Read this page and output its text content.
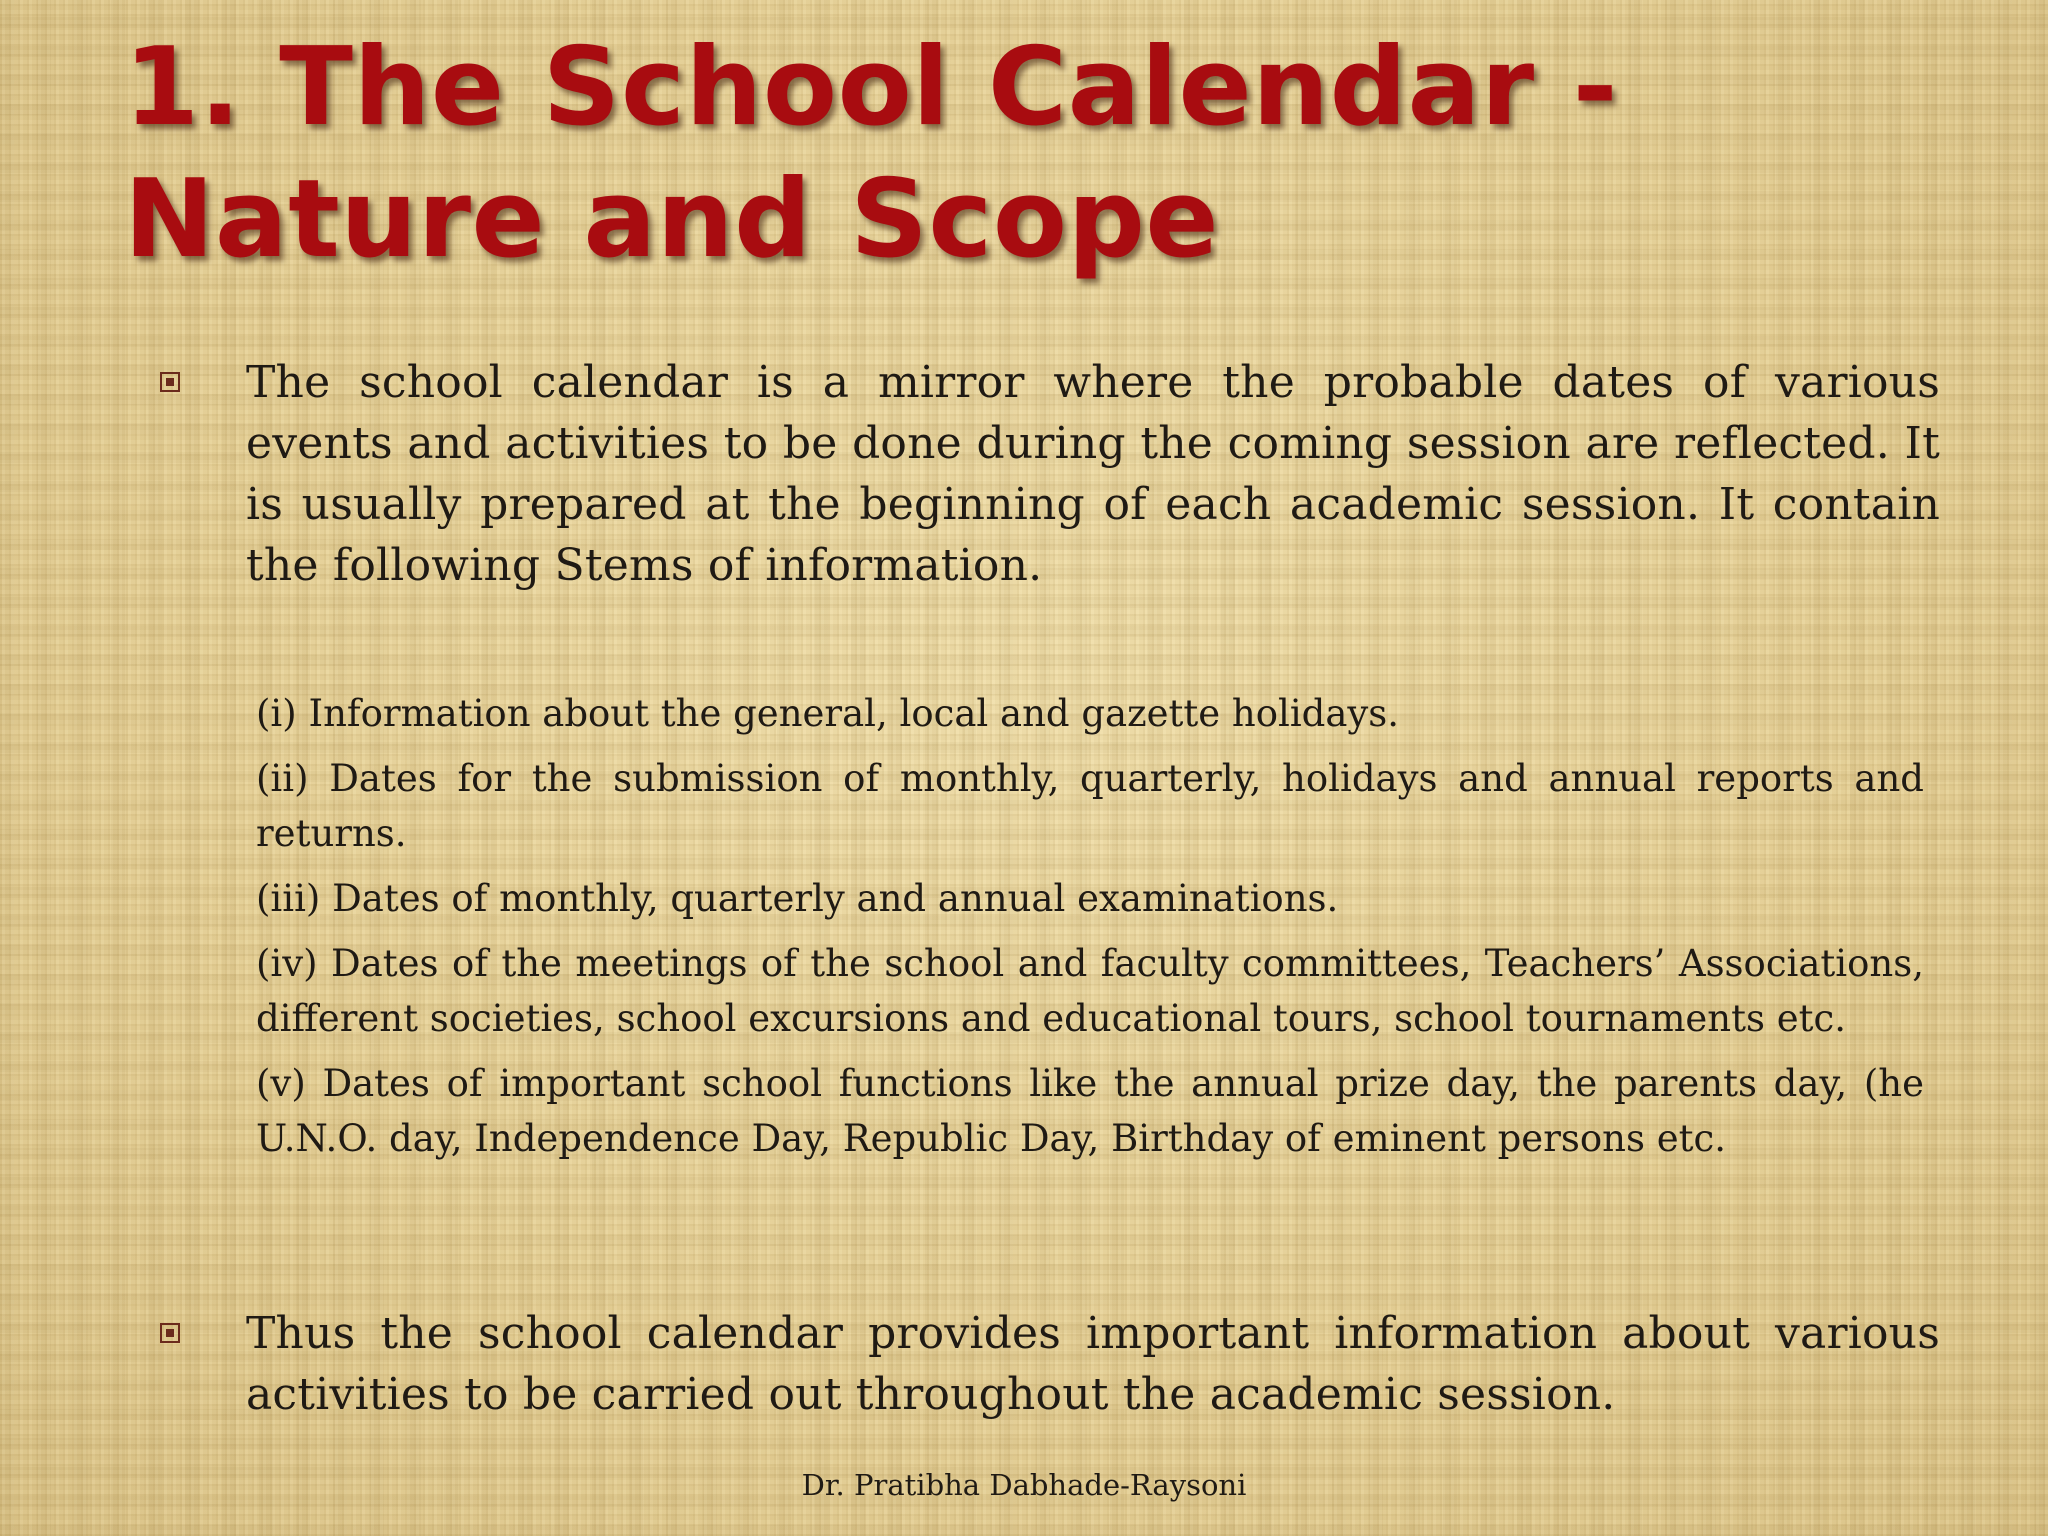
1. The School Calendar - Nature and Scope

The school calendar is a mirror where the probable dates of various events and activities to be done during the coming session are reflected. It is usually prepared at the beginning of each academic session. It contain the following Stems of information.

(i) Information about the general, local and gazette holidays.

(ii) Dates for the submission of monthly, quarterly, holidays and annual reports and returns.

(iii) Dates of monthly, quarterly and annual examinations.

(iv) Dates of the meetings of the school and faculty committees, Teachers’ Associations, different societies, school excursions and educational tours, school tournaments etc.

(v) Dates of important school functions like the annual prize day, the parents day, (he U.N.O. day, Independence Day, Republic Day, Birthday of eminent persons etc.

Thus the school calendar provides important information about various activities to be carried out throughout the academic session.

Dr. Pratibha Dabhade-Raysoni
